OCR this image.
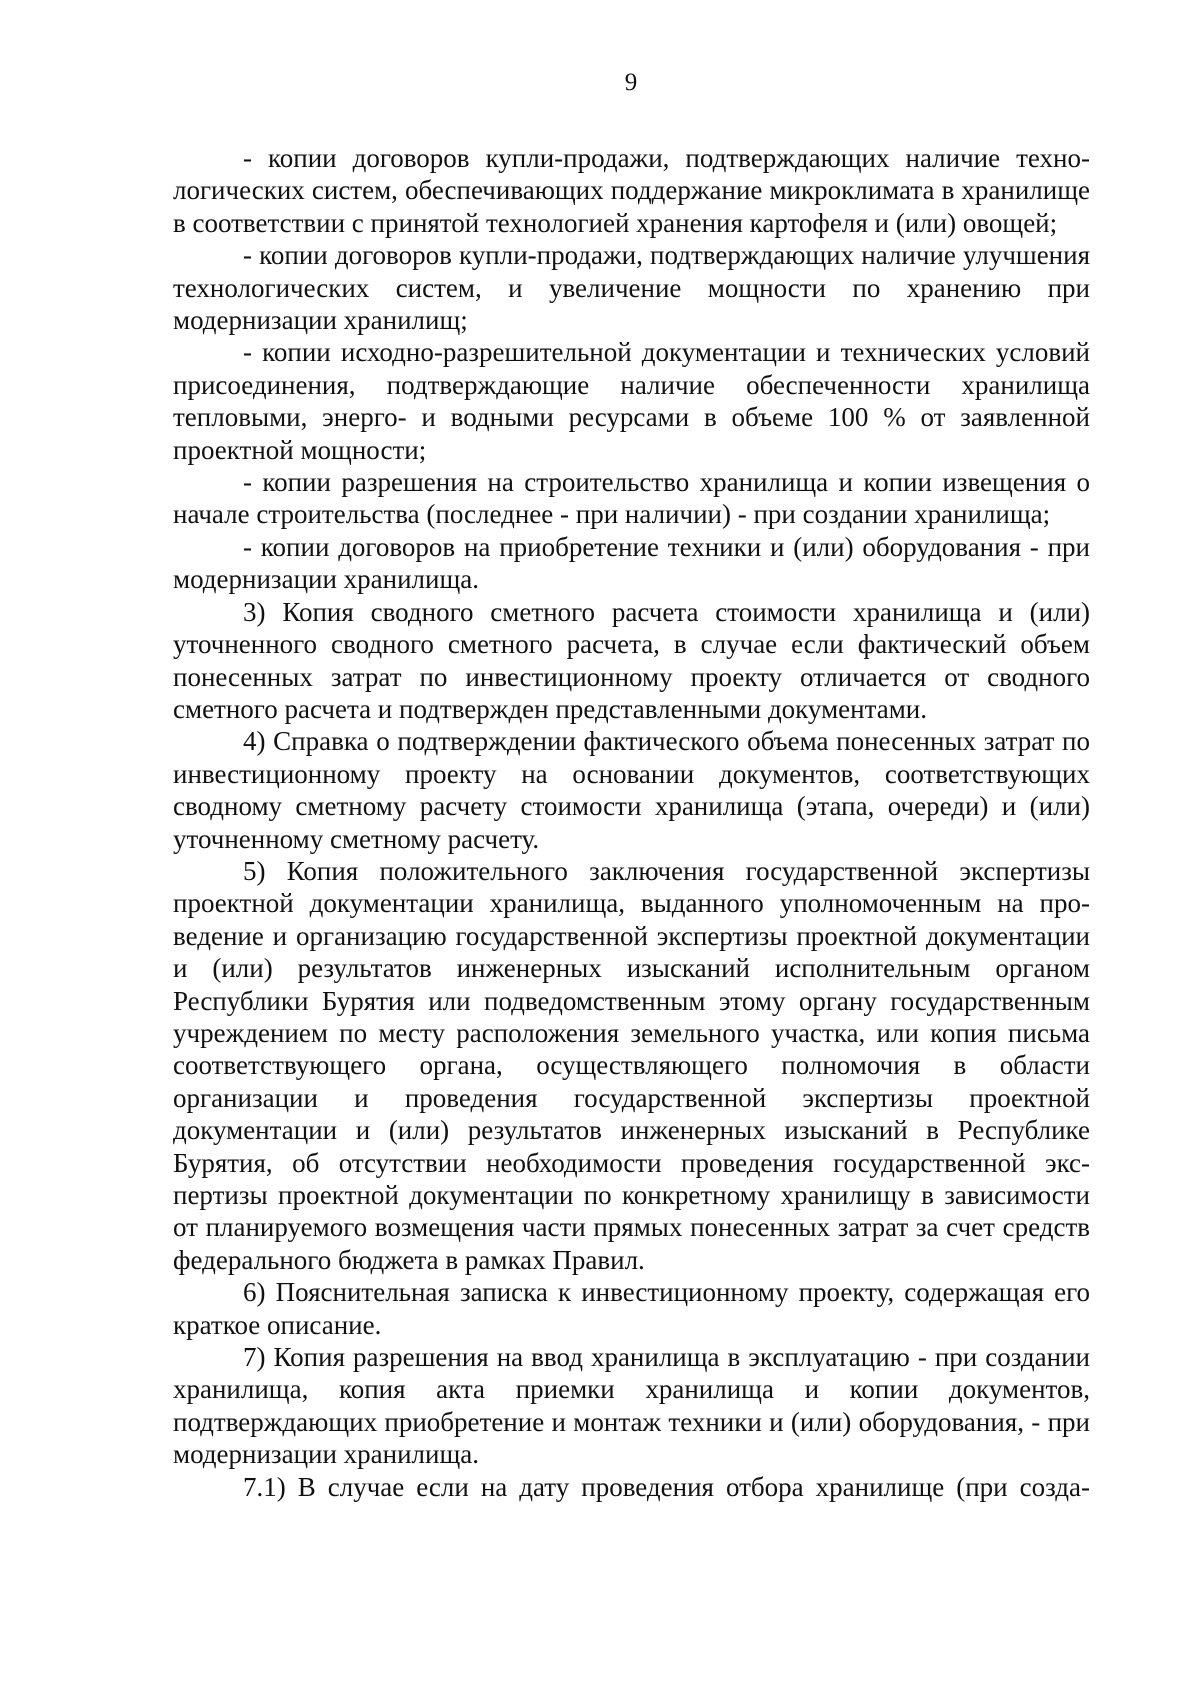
9

- копии договоров купли-продажи, подтверждающих наличие технологических систем, обеспечивающих поддержание микроклимата в хранилище в соответствии с принятой технологией хранения картофеля и (или) овощей;

- копии договоров купли-продажи, подтверждающих наличие улучшения технологических систем, и увеличение мощности по хранению при модернизации хранилищ;

- копии исходно-разрешительной документации и технических условий присоединения, подтверждающие наличие обеспеченности хранилища тепловыми, энерго- и водными ресурсами в объеме 100 % от заявленной проектной мощности;

- копии разрешения на строительство хранилища и копии извещения о начале строительства (последнее - при наличии) - при создании хранилища;

- копии договоров на приобретение техники и (или) оборудования - при модернизации хранилища.

3) Копия сводного сметного расчета стоимости хранилища и (или) уточненного сводного сметного расчета, в случае если фактический объем понесенных затрат по инвестиционному проекту отличается от сводного сметного расчета и подтвержден представленными документами.

4) Справка о подтверждении фактического объема понесенных затрат по инвестиционному проекту на основании документов, соответствующих сводному сметному расчету стоимости хранилища (этапа, очереди) и (или) уточненному сметному расчету.

5) Копия положительного заключения государственной экспертизы проектной документации хранилища, выданного уполномоченным на проведение и организацию государственной экспертизы проектной документации и (или) результатов инженерных изысканий исполнительным органом Республики Бурятия или подведомственным этому органу государственным учреждением по месту расположения земельного участка, или копия письма соответствующего органа, осуществляющего полномочия в области организации и проведения государственной экспертизы проектной документации и (или) результатов инженерных изысканий в Республике Бурятия, об отсутствии необходимости проведения государственной экспертизы проектной документации по конкретному хранилищу в зависимости от планируемого возмещения части прямых понесенных затрат за счет средств федерального бюджета в рамках Правил.

6) Пояснительная записка к инвестиционному проекту, содержащая его краткое описание.

7) Копия разрешения на ввод хранилища в эксплуатацию - при создании хранилища, копия акта приемки хранилища и копии документов, подтверждающих приобретение и монтаж техники и (или) оборудования, - при модернизации хранилища.

7.1) В случае если на дату проведения отбора хранилище (при созда-
